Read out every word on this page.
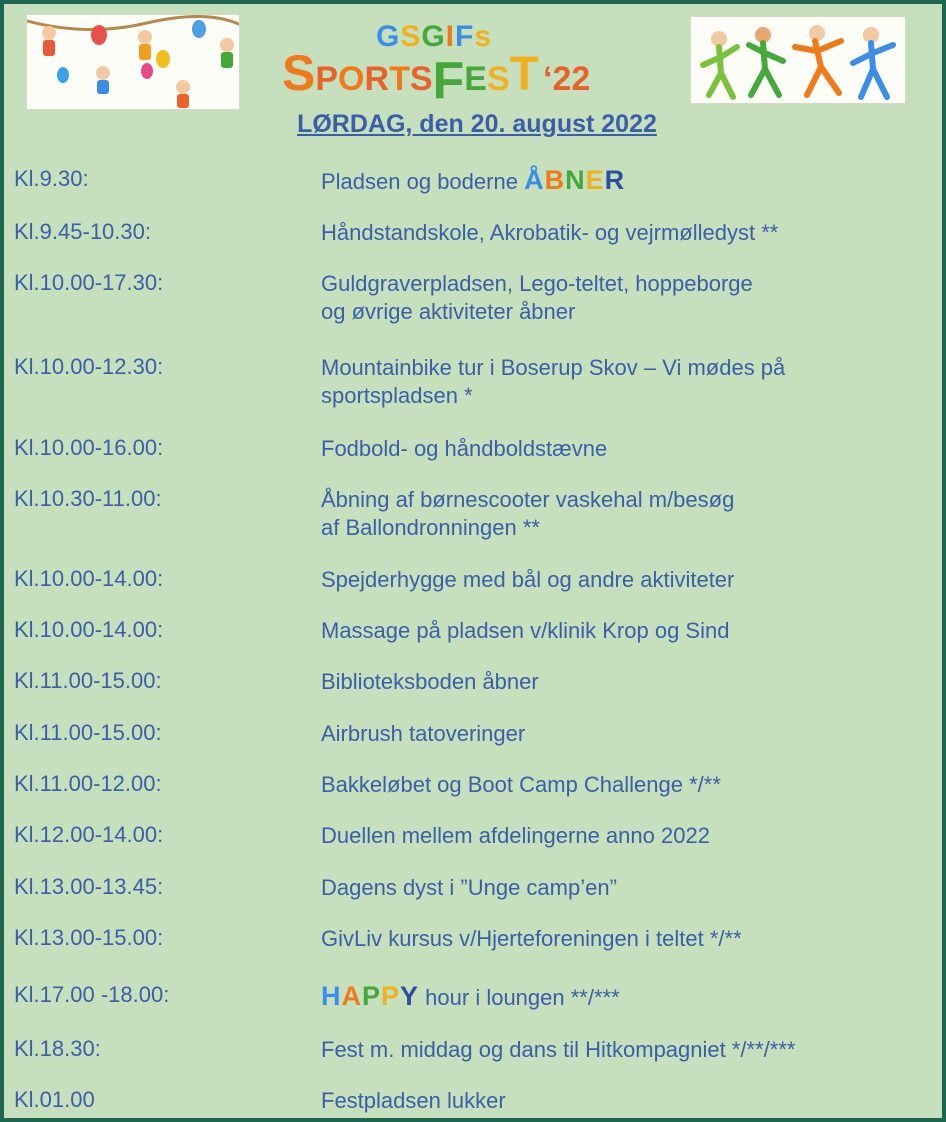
GSGIFs
SPORTSFEST ‘22
LØRDAG, den 20. august 2022
Kl.9.30:	Pladsen og boderne ÅBNER
Kl.9.45-10.30:	Håndstandskole, Akrobatik- og vejrmølledyst **
Kl.10.00-17.30:	Guldgraverpladsen, Lego-teltet, hoppeborge
og øvrige aktiviteter åbner
Kl.10.00-12.30:	Mountainbike tur i Boserup Skov – Vi mødes på
sportspladsen *
Kl.10.00-16.00:	Fodbold- og håndboldstævne
Kl.10.30-11.00:	Åbning af børnescooter vaskehal m/besøg
af Ballondronningen **
Kl.10.00-14.00:	Spejderhygge med bål og andre aktiviteter
Kl.10.00-14.00:	Massage på pladsen v/klinik Krop og Sind
Kl.11.00-15.00:	Biblioteksboden åbner
Kl.11.00-15.00:	Airbrush tatoveringer
Kl.11.00-12.00:	Bakkeløbet og Boot Camp Challenge */**
Kl.12.00-14.00:	Duellen mellem afdelingerne anno 2022
Kl.13.00-13.45:	Dagens dyst i ”Unge camp’en”
Kl.13.00-15.00:	GivLiv kursus v/Hjerteforeningen i teltet */**
Kl.17.00 -18.00:	HAPPY hour i loungen **/***
Kl.18.30:	Fest m. middag og dans til Hitkompagniet */**/***
Kl.01.00	Festpladsen lukker
